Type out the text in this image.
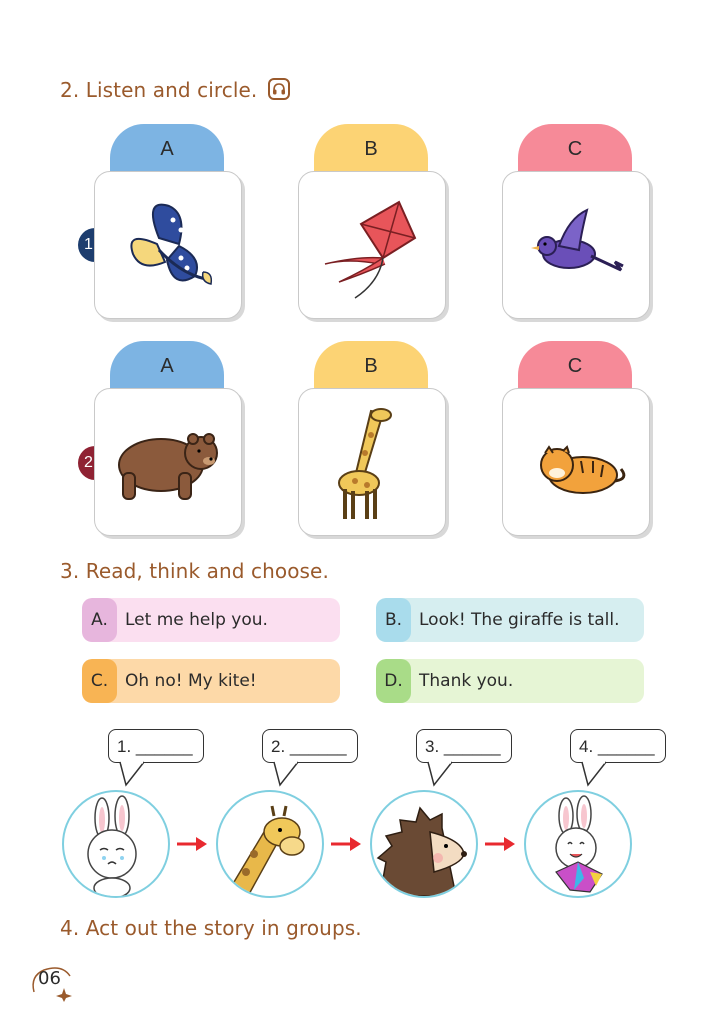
2. Listen and circle.
1
A	B	C
2
A	B	C
3. Read, think and choose.
A.	Let me help you.	B. Look! The giraffe is tall.
C. Oh no! My kite!	D. Thank you.
1. ______	2. ______	3. ______	4. ______
4. Act out the story in groups.
06
